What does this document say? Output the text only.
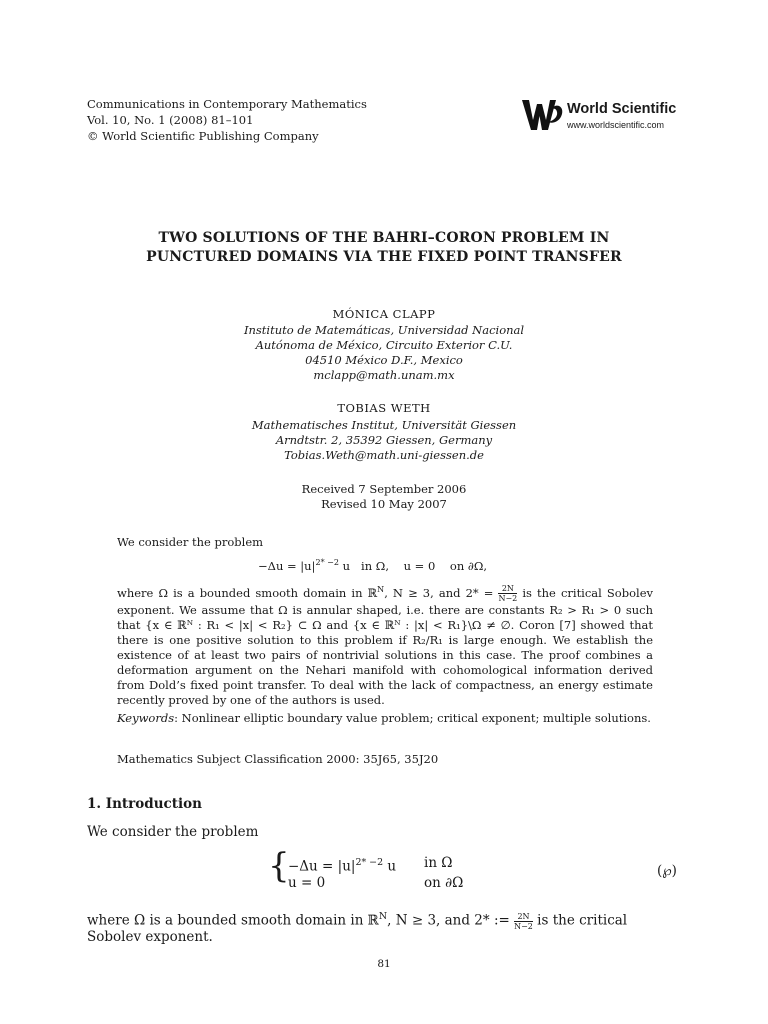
Communications in Contemporary Mathematics
Vol. 10, No. 1 (2008) 81–101
© World Scientific Publishing Company
World Scientific
www.worldscientific.com
TWO SOLUTIONS OF THE BAHRI–CORON PROBLEM IN
PUNCTURED DOMAINS VIA THE FIXED POINT TRANSFER
MÓNICA CLAPP
Instituto de Matemáticas, Universidad Nacional
Autónoma de México, Circuito Exterior C.U.
04510 México D.F., Mexico
mclapp@math.unam.mx
TOBIAS WETH
Mathematisches Institut, Universität Giessen
Arndtstr. 2, 35392 Giessen, Germany
Tobias.Weth@math.uni-giessen.de
Received 7 September 2006
Revised 10 May 2007
We consider the problem
$-\Delta u = |u|^{2* -2}$ u   in Ω,    u = 0    on ∂Ω,

where Ω is a bounded smooth domain in ℝ$^N$, N ≥ 3, and $2* = \frac{2N}{N-2}$ is the critical Sobolev exponent. We assume that Ω is annular shaped, i.e. there are constants R₂ > R₁ > 0 such that {x ∈ ℝᴺ : R₁ < |x| < R₂} ⊂ Ω and {x ∈ ℝᴺ : |x| < R₁}\Ω ≠ ∅. Coron [7] showed that there is one positive solution to this problem if R₂/R₁ is large enough. We establish the existence of at least two pairs of nontrivial solutions in this case. The proof combines a deformation argument on the Nehari manifold with cohomological information derived from Dold’s fixed point transfer. To deal with the lack of compactness, an energy estimate recently proved by one of the authors is used.

Keywords: Nonlinear elliptic boundary value problem; critical exponent; multiple solutions.
Mathematics Subject Classification 2000: 35J65, 35J20
1. Introduction
We consider the problem
{
$-\Delta u = |u|^{2* -2}$ u in Ω
u = 0	on ∂Ω
(℘)
where Ω is a bounded smooth domain in ℝ$^N$, N ≥ 3, and 2* := $\frac{2N}{N-2}$ is the critical
Sobolev exponent.
81
